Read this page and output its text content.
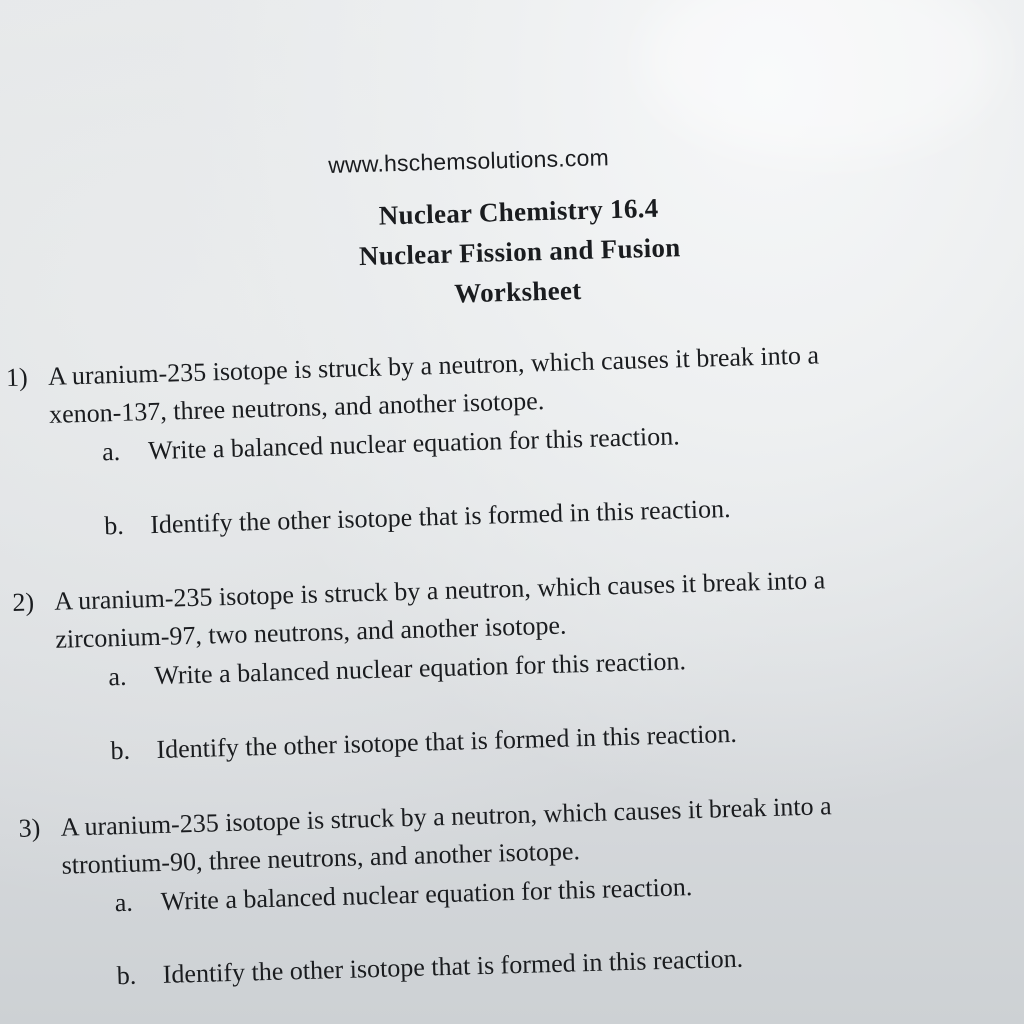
www.hschemsolutions.com
Nuclear Chemistry 16.4
Nuclear Fission and Fusion
Worksheet
1) A uranium-235 isotope is struck by a neutron, which causes it break into a
xenon-137, three neutrons, and another isotope.
a. Write a balanced nuclear equation for this reaction.
b. Identify the other isotope that is formed in this reaction.
2) A uranium-235 isotope is struck by a neutron, which causes it break into a
zirconium-97, two neutrons, and another isotope.
a. Write a balanced nuclear equation for this reaction.
b. Identify the other isotope that is formed in this reaction.
3) A uranium-235 isotope is struck by a neutron, which causes it break into a
strontium-90, three neutrons, and another isotope.
a. Write a balanced nuclear equation for this reaction.
b. Identify the other isotope that is formed in this reaction.
